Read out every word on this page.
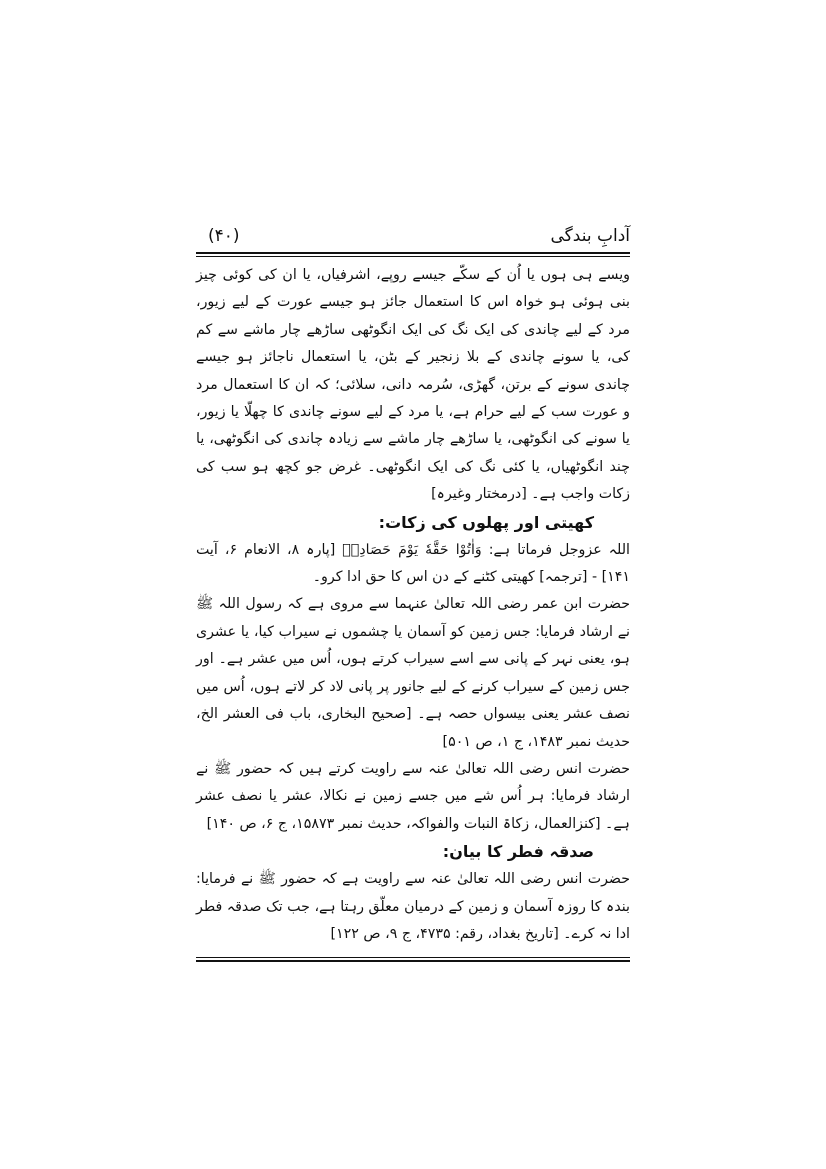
آدابِ بندگی
(۴۰)

ویسے ہی ہوں یا اُن کے سکّے جیسے روپے، اشرفیاں، یا ان کی کوئی چیز بنی ہوئی ہو خواہ اس کا استعمال جائز ہو جیسے عورت کے لیے زیور، مرد کے لیے چاندی کی ایک نگ کی ایک انگوٹھی ساڑھے چار ماشے سے کم کی، یا سونے چاندی کے بلا زنجیر کے بٹن، یا استعمال ناجائز ہو جیسے چاندی سونے کے برتن، گھڑی، سُرمہ دانی، سلائی؛ کہ ان کا استعمال مرد و عورت سب کے لیے حرام ہے، یا مرد کے لیے سونے چاندی کا چھلّا یا زیور، یا سونے کی انگوٹھی، یا ساڑھے چار ماشے سے زیادہ چاندی کی انگوٹھی، یا چند انگوٹھیاں، یا کئی نگ کی ایک انگوٹھی۔ غرض جو کچھ ہو سب کی زکات واجب ہے۔ [درمختار وغیرہ]

کھیتی اور پھلوں کی زکات:

اللہ عزوجل فرماتا ہے: وَاٰتُوْا حَقَّهٗ یَوْمَ حَصَادِهٖ [پارہ ۸، الانعام ۶، آیت ۱۴۱] - [ترجمہ] کھیتی کٹنے کے دن اس کا حق ادا کرو۔

حضرت ابن عمر رضی اللہ تعالیٰ عنہما سے مروی ہے کہ رسول اللہ ﷺ نے ارشاد فرمایا: جس زمین کو آسمان یا چشموں نے سیراب کیا، یا عشری ہو، یعنی نہر کے پانی سے اسے سیراب کرتے ہوں، اُس میں عشر ہے۔ اور جس زمین کے سیراب کرنے کے لیے جانور پر پانی لاد کر لاتے ہوں، اُس میں نصف عشر یعنی بیسواں حصہ ہے۔ [صحیح البخاری، باب فی العشر الخ، حدیث نمبر ۱۴۸۳، ج ۱، ص ۵۰۱]

حضرت انس رضی اللہ تعالیٰ عنہ سے راویت کرتے ہیں کہ حضور ﷺ نے ارشاد فرمایا: ہر اُس شے میں جسے زمین نے نکالا، عشر یا نصف عشر ہے۔ [کنزالعمال، زکاۃ النبات والفواکہ، حدیث نمبر ۱۵۸۷۳، ج ۶، ص ۱۴۰]

صدقہ فطر کا بیان:

حضرت انس رضی اللہ تعالیٰ عنہ سے راویت ہے کہ حضور ﷺ نے فرمایا: بندہ کا روزہ آسمان و زمین کے درمیان معلّق رہتا ہے، جب تک صدقہ فطر ادا نہ کرے۔ [تاریخ بغداد، رقم: ۴۷۳۵، ج ۹، ص ۱۲۲]
